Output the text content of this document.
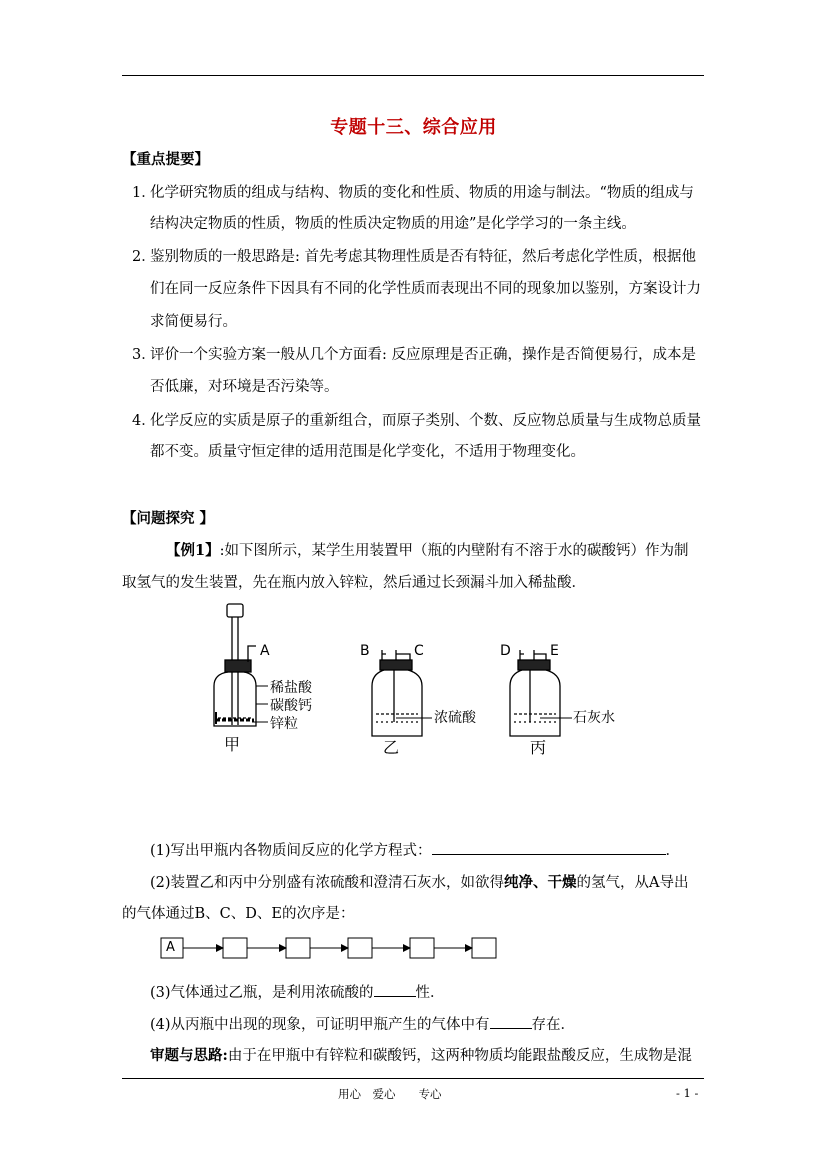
专题十三、综合应用
【重点提要】
1．
化学研究物质的组成与结构、物质的变化和性质、物质的用途与制法。“物质的组成与
结构决定物质的性质，物质的性质决定物质的用途”是化学学习的一条主线。
2．
鉴别物质的一般思路是: 首先考虑其物理性质是否有特征，然后考虑化学性质，根据他
们在同一反应条件下因具有不同的化学性质而表现出不同的现象加以鉴别，方案设计力
求简便易行。
3．
评价一个实验方案一般从几个方面看: 反应原理是否正确，操作是否简便易行，成本是
否低廉，对环境是否污染等。
4．
化学反应的实质是原子的重新组合，而原子类别、个数、反应物总质量与生成物总质量
都不变。质量守恒定律的适用范围是化学变化，不适用于物理变化。
【问题探究 】
【例1】:如下图所示，某学生用装置甲（瓶的内壁附有不溶于水的碳酸钙）作为制
取氢气的发生装置，先在瓶内放入锌粒，然后通过长颈漏斗加入稀盐酸．
A
稀盐酸
碳酸钙
锌粒
甲
B	C
浓硫酸
乙
D	E
丙
石灰水
(1)写出甲瓶内各物质间反应的化学方程式：	．
(2)装置乙和丙中分别盛有浓硫酸和澄清石灰水，如欲得纯净、干燥的氢气，从A导出
的气体通过B、C、D、E的次序是：
A
(3)气体通过乙瓶，是利用浓硫酸的	性．
(4)从丙瓶中出现的现象，可证明甲瓶产生的气体中有	存在．
审题与思路:由于在甲瓶中有锌粒和碳酸钙，这两种物质均能跟盐酸反应，生成物是混
用心　爱心　　专心	- 1 -
